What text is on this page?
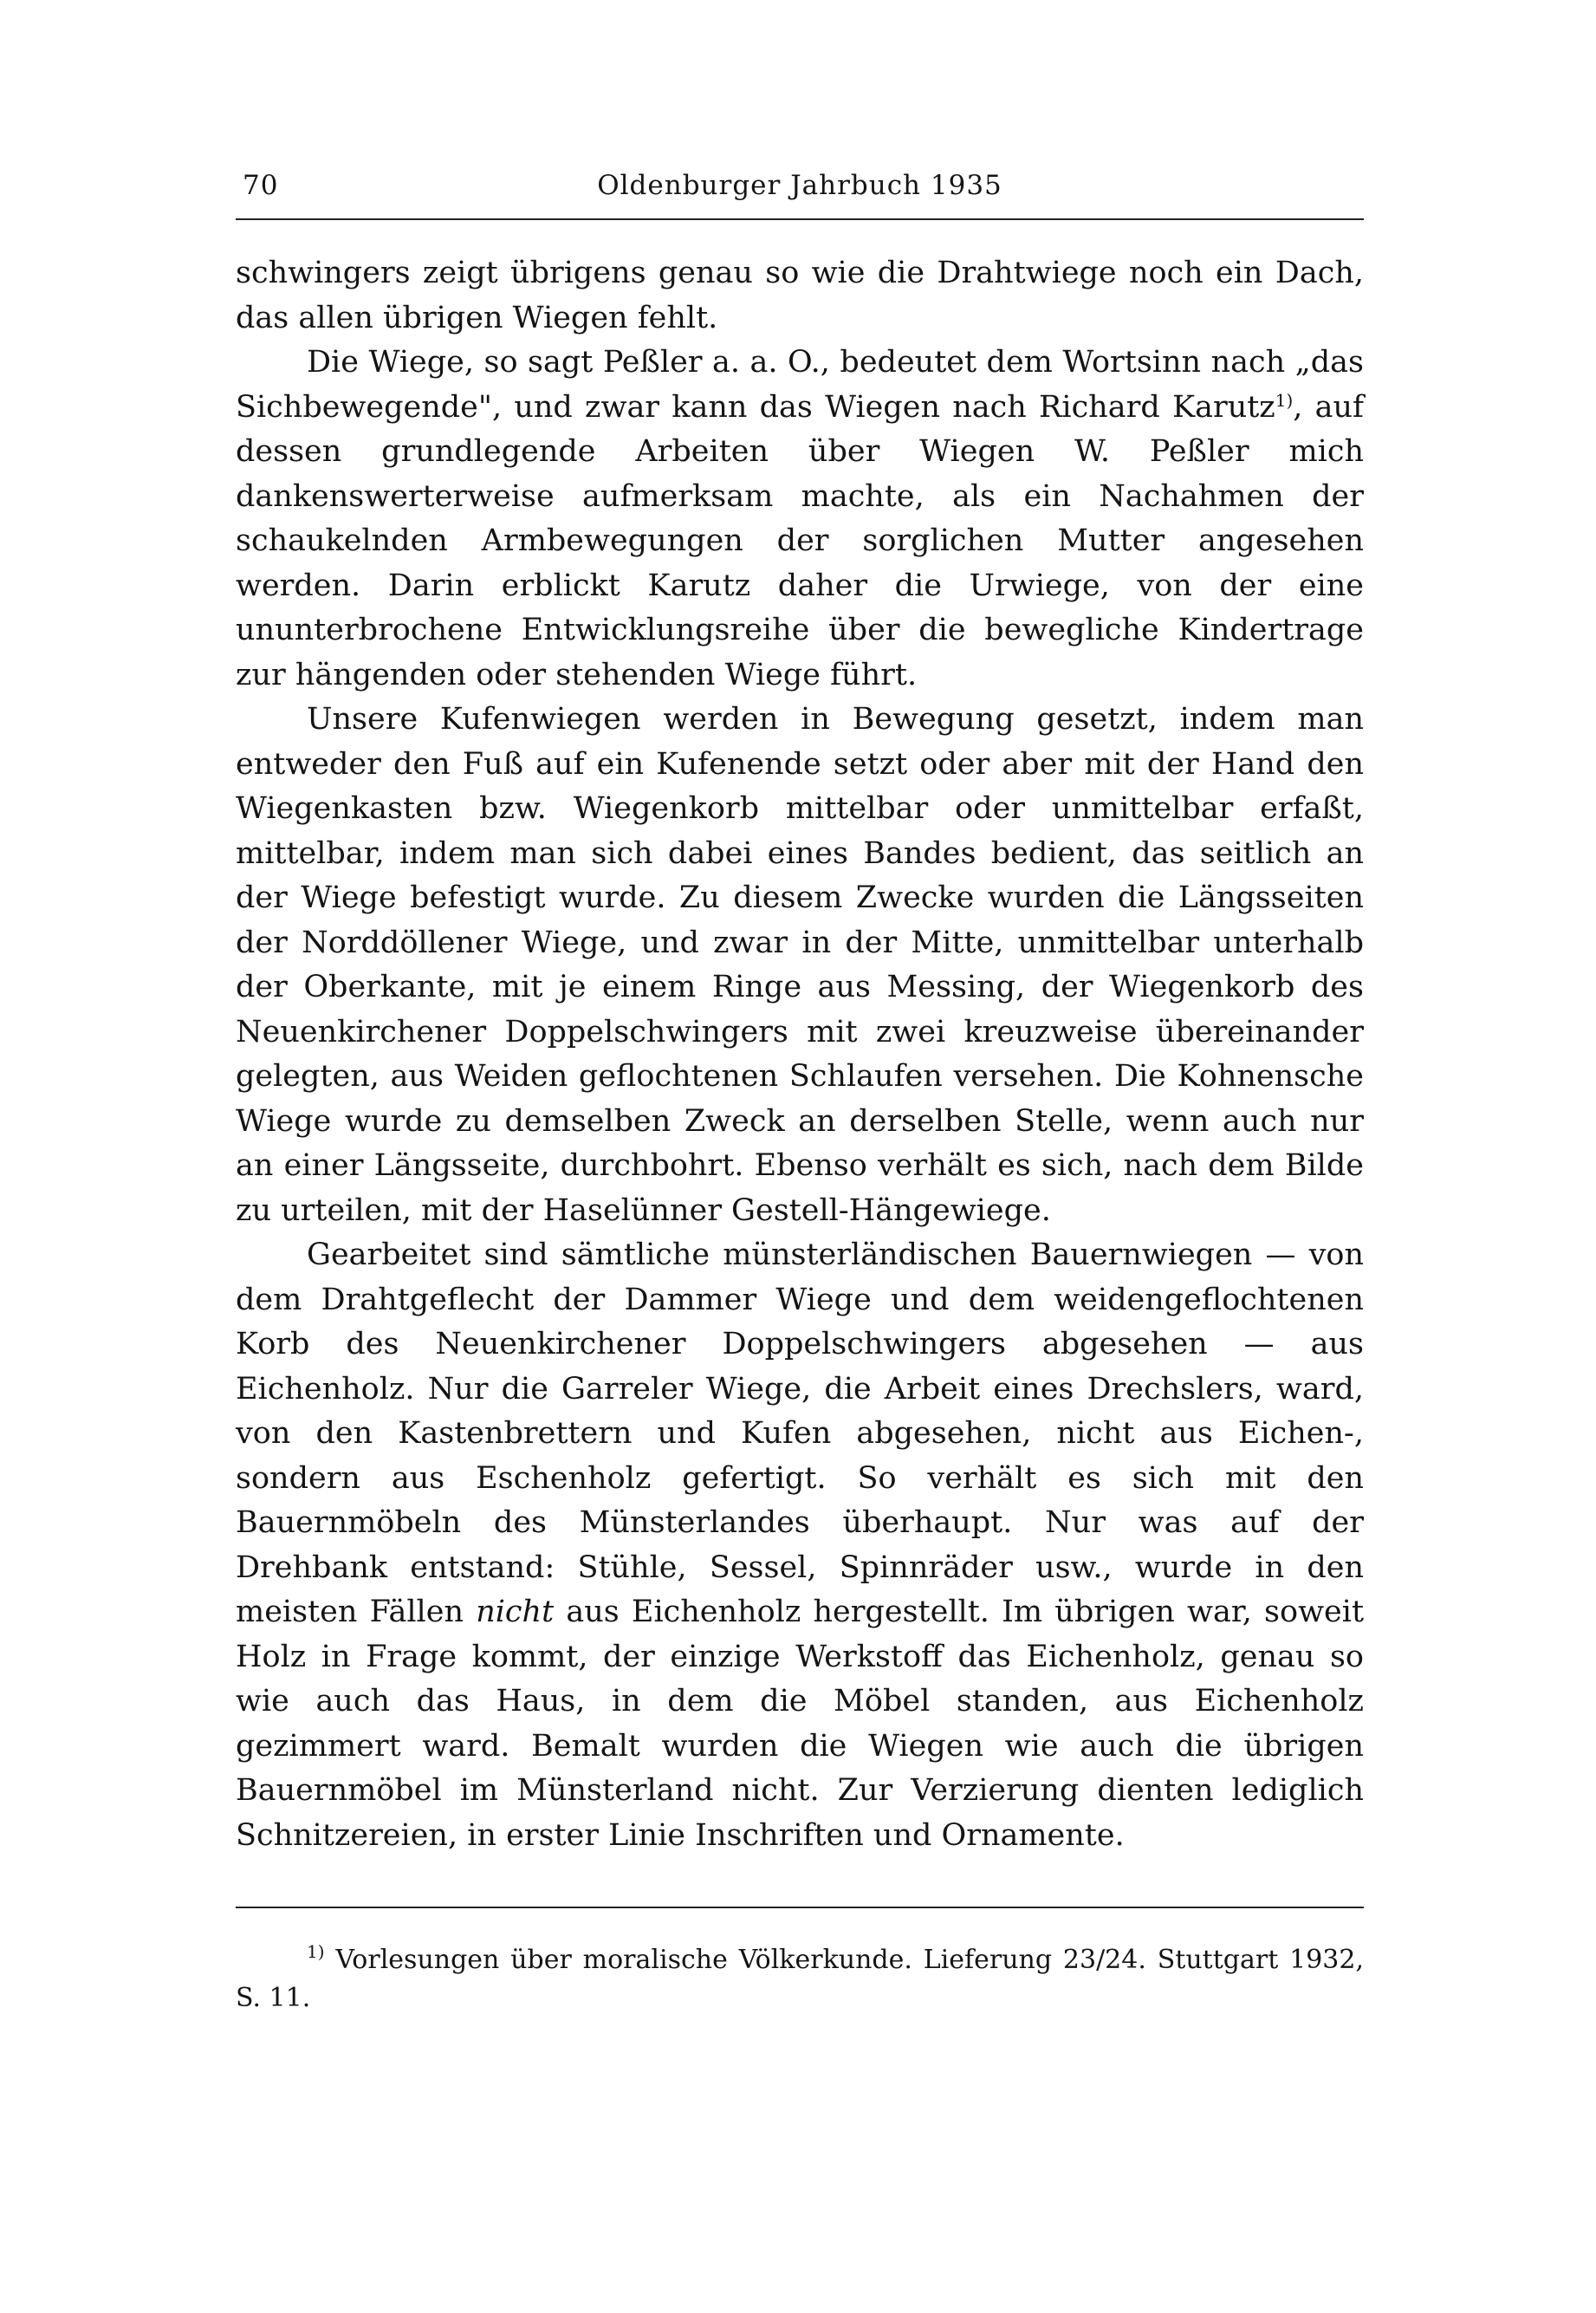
70	Oldenburger Jahrbuch 1935

schwingers zeigt übrigens genau so wie die Drahtwiege noch ein Dach, das allen übrigen Wiegen fehlt.

Die Wiege, so sagt Peßler a. a. O., bedeutet dem Wortsinn nach „das Sichbewegende", und zwar kann das Wiegen nach Richard Karutz$^{1)}$, auf dessen grundlegende Arbeiten über Wiegen W. Peßler mich dankenswerterweise aufmerksam machte, als ein Nachahmen der schaukelnden Armbewegungen der sorglichen Mutter angesehen werden. Darin erblickt Karutz daher die Urwiege, von der eine ununterbrochene Entwicklungsreihe über die bewegliche Kindertrage zur hängenden oder stehenden Wiege führt.

Unsere Kufenwiegen werden in Bewegung gesetzt, indem man entweder den Fuß auf ein Kufenende setzt oder aber mit der Hand den Wiegenkasten bzw. Wiegenkorb mittelbar oder unmittelbar erfaßt, mittelbar, indem man sich dabei eines Bandes bedient, das seitlich an der Wiege befestigt wurde. Zu diesem Zwecke wurden die Längsseiten der Norddöllener Wiege, und zwar in der Mitte, unmittelbar unterhalb der Oberkante, mit je einem Ringe aus Messing, der Wiegenkorb des Neuenkirchener Doppelschwingers mit zwei kreuzweise übereinander gelegten, aus Weiden geflochtenen Schlaufen versehen. Die Kohnensche Wiege wurde zu demselben Zweck an derselben Stelle, wenn auch nur an einer Längsseite, durchbohrt. Ebenso verhält es sich, nach dem Bilde zu urteilen, mit der Haselünner Gestell-Hängewiege.

Gearbeitet sind sämtliche münsterländischen Bauernwiegen — von dem Drahtgeflecht der Dammer Wiege und dem weidengeflochtenen Korb des Neuenkirchener Doppelschwingers abgesehen — aus Eichenholz. Nur die Garreler Wiege, die Arbeit eines Drechslers, ward, von den Kastenbrettern und Kufen abgesehen, nicht aus Eichen-, sondern aus Eschenholz gefertigt. So verhält es sich mit den Bauernmöbeln des Münsterlandes überhaupt. Nur was auf der Drehbank entstand: Stühle, Sessel, Spinnräder usw., wurde in den meisten Fällen nicht aus Eichenholz hergestellt. Im übrigen war, soweit Holz in Frage kommt, der einzige Werkstoff das Eichenholz, genau so wie auch das Haus, in dem die Möbel standen, aus Eichenholz gezimmert ward. Bemalt wurden die Wiegen wie auch die übrigen Bauernmöbel im Münsterland nicht. Zur Verzierung dienten lediglich Schnitzereien, in erster Linie Inschriften und Ornamente.

$^{1)}$ Vorlesungen über moralische Völkerkunde. Lieferung 23/24. Stuttgart 1932, S. 11.
